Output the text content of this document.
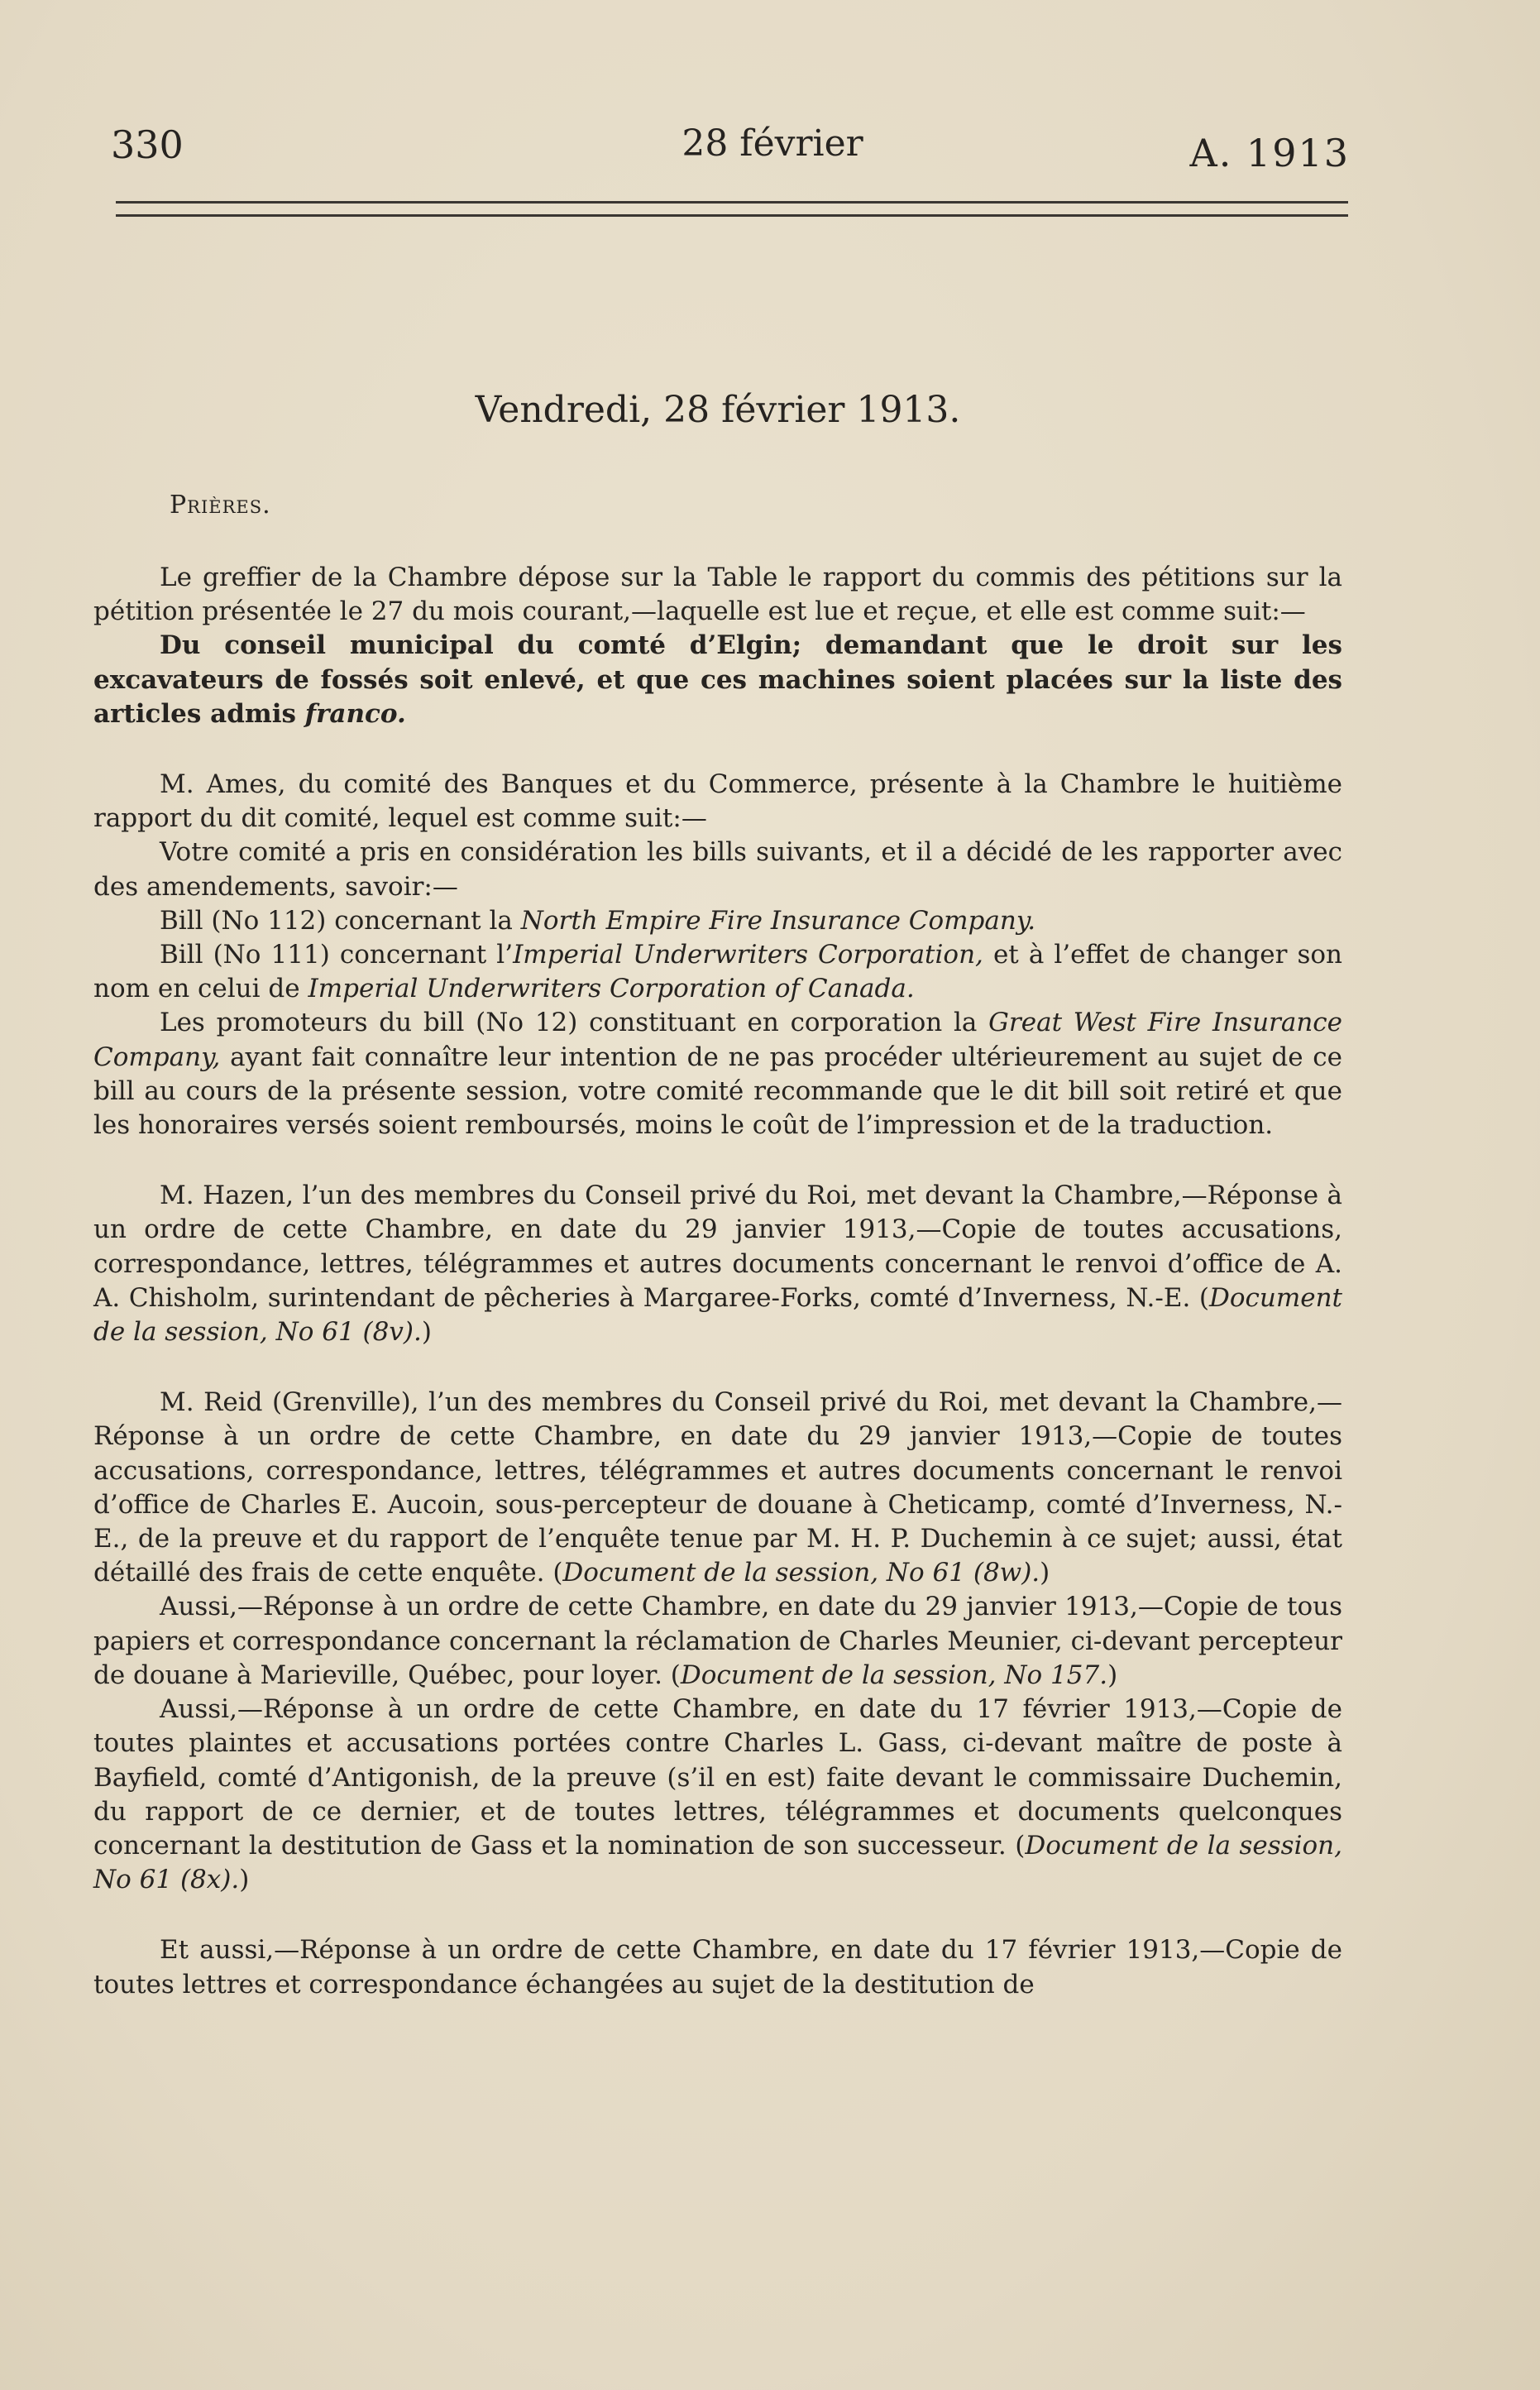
330	28 février	A. 1913
Vendredi, 28 février 1913.
Prières.

Le greffier de la Chambre dépose sur la Table le rapport du commis des pétitions sur la pétition présentée le 27 du mois courant,—laquelle est lue et reçue, et elle est comme suit:—

Du conseil municipal du comté d’Elgin; demandant que le droit sur les excavateurs de fossés soit enlevé, et que ces machines soient placées sur la liste des articles admis franco.

M. Ames, du comité des Banques et du Commerce, présente à la Chambre le huitième rapport du dit comité, lequel est comme suit:—

Votre comité a pris en considération les bills suivants, et il a décidé de les rapporter avec des amendements, savoir:—

Bill (No 112) concernant la North Empire Fire Insurance Company.

Bill (No 111) concernant l’Imperial Underwriters Corporation, et à l’effet de changer son nom en celui de Imperial Underwriters Corporation of Canada.

Les promoteurs du bill (No 12) constituant en corporation la Great West Fire Insurance Company, ayant fait connaître leur intention de ne pas procéder ultérieurement au sujet de ce bill au cours de la présente session, votre comité recommande que le dit bill soit retiré et que les honoraires versés soient remboursés, moins le coût de l’impression et de la traduction.

M. Hazen, l’un des membres du Conseil privé du Roi, met devant la Chambre,—Réponse à un ordre de cette Chambre, en date du 29 janvier 1913,—Copie de toutes accusations, correspondance, lettres, télégrammes et autres documents concernant le renvoi d’office de A. A. Chisholm, surintendant de pêcheries à Margaree-Forks, comté d’Inverness, N.-E. (Document de la session, No 61 (8v).)

M. Reid (Grenville), l’un des membres du Conseil privé du Roi, met devant la Chambre,—Réponse à un ordre de cette Chambre, en date du 29 janvier 1913,—Copie de toutes accusations, correspondance, lettres, télégrammes et autres documents concernant le renvoi d’office de Charles E. Aucoin, sous-percepteur de douane à Cheticamp, comté d’Inverness, N.-E., de la preuve et du rapport de l’enquête tenue par M. H. P. Duchemin à ce sujet; aussi, état détaillé des frais de cette enquête. (Document de la session, No 61 (8w).)

Aussi,—Réponse à un ordre de cette Chambre, en date du 29 janvier 1913,—Copie de tous papiers et correspondance concernant la réclamation de Charles Meunier, ci-devant percepteur de douane à Marieville, Québec, pour loyer. (Document de la session, No 157.)

Aussi,—Réponse à un ordre de cette Chambre, en date du 17 février 1913,—Copie de toutes plaintes et accusations portées contre Charles L. Gass, ci-devant maître de poste à Bayfield, comté d’Antigonish, de la preuve (s’il en est) faite devant le commissaire Duchemin, du rapport de ce dernier, et de toutes lettres, télégrammes et documents quelconques concernant la destitution de Gass et la nomination de son successeur. (Document de la session, No 61 (8x).)

Et aussi,—Réponse à un ordre de cette Chambre, en date du 17 février 1913,—Copie de toutes lettres et correspondance échangées au sujet de la destitution de
